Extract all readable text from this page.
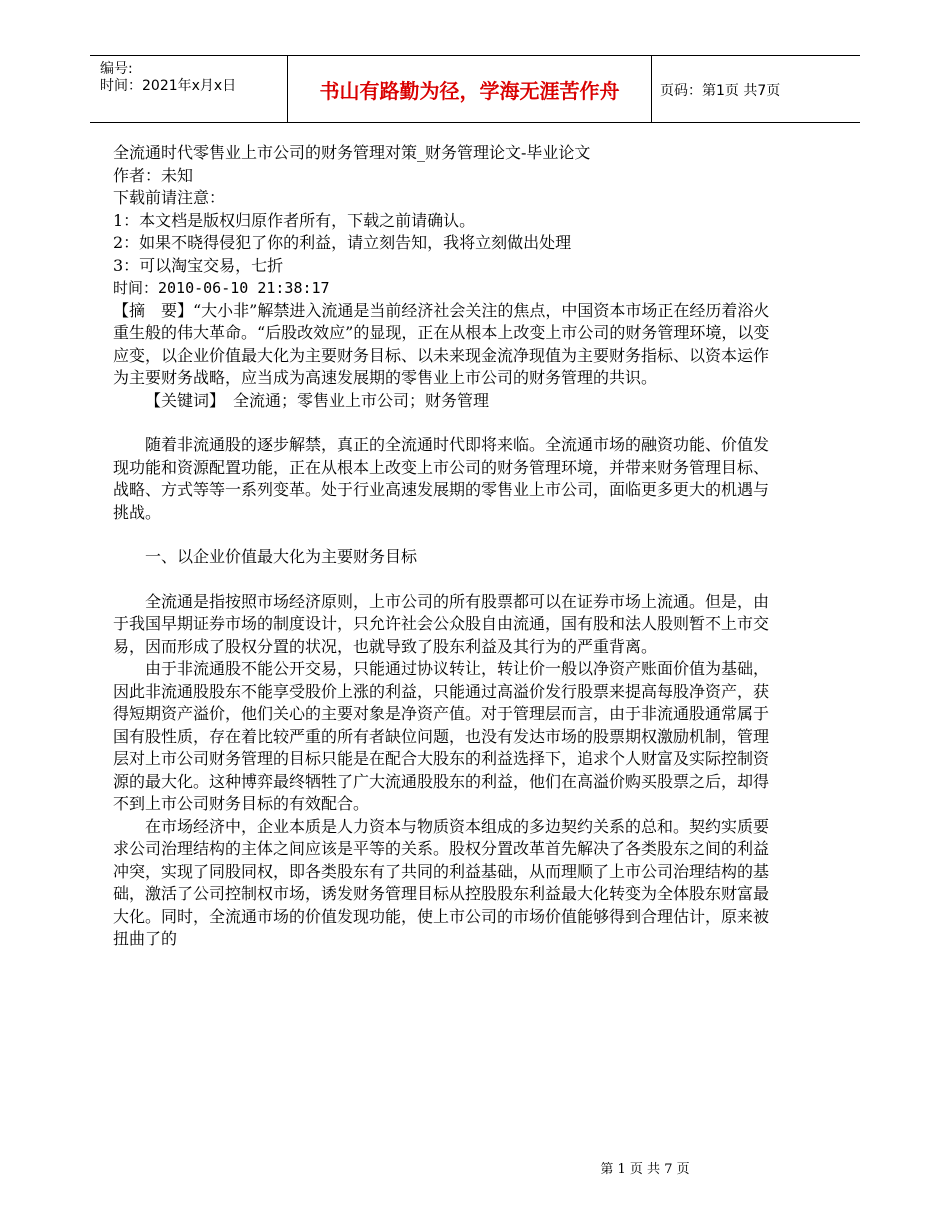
编号:
时间：2021年x月x日	书山有路勤为径，学海无涯苦作舟	页码：第1页 共7页

全流通时代零售业上市公司的财务管理对策_财务管理论文-毕业论文

作者：未知

下载前请注意：

1：本文档是版权归原作者所有，下载之前请确认。

2：如果不晓得侵犯了你的利益，请立刻告知，我将立刻做出处理

3：可以淘宝交易，七折

时间：2010-06-10 21:38:17

【摘　要】“大小非”解禁进入流通是当前经济社会关注的焦点，中国资本市场正在经历着浴火重生般的伟大革命。“后股改效应”的显现，正在从根本上改变上市公司的财务管理环境，以变应变，以企业价值最大化为主要财务目标、以未来现金流净现值为主要财务指标、以资本运作为主要财务战略，应当成为高速发展期的零售业上市公司的财务管理的共识。

【关键词】　全流通；零售业上市公司；财务管理

随着非流通股的逐步解禁，真正的全流通时代即将来临。全流通市场的融资功能、价值发现功能和资源配置功能，正在从根本上改变上市公司的财务管理环境，并带来财务管理目标、战略、方式等等一系列变革。处于行业高速发展期的零售业上市公司，面临更多更大的机遇与挑战。

一、以企业价值最大化为主要财务目标

全流通是指按照市场经济原则，上市公司的所有股票都可以在证券市场上流通。但是，由于我国早期证券市场的制度设计，只允许社会公众股自由流通，国有股和法人股则暂不上市交易，因而形成了股权分置的状况，也就导致了股东利益及其行为的严重背离。

由于非流通股不能公开交易，只能通过协议转让，转让价一般以净资产账面价值为基础，因此非流通股股东不能享受股价上涨的利益，只能通过高溢价发行股票来提高每股净资产，获得短期资产溢价，他们关心的主要对象是净资产值。对于管理层而言，由于非流通股通常属于国有股性质，存在着比较严重的所有者缺位问题，也没有发达市场的股票期权激励机制，管理层对上市公司财务管理的目标只能是在配合大股东的利益选择下，追求个人财富及实际控制资源的最大化。这种博弈最终牺牲了广大流通股股东的利益，他们在高溢价购买股票之后，却得不到上市公司财务目标的有效配合。

在市场经济中，企业本质是人力资本与物质资本组成的多边契约关系的总和。契约实质要求公司治理结构的主体之间应该是平等的关系。股权分置改革首先解决了各类股东之间的利益冲突，实现了同股同权，即各类股东有了共同的利益基础，从而理顺了上市公司治理结构的基础，激活了公司控制权市场，诱发财务管理目标从控股股东利益最大化转变为全体股东财富最大化。同时，全流通市场的价值发现功能，使上市公司的市场价值能够得到合理估计，原来被扭曲了的

第 1 页 共 7 页
